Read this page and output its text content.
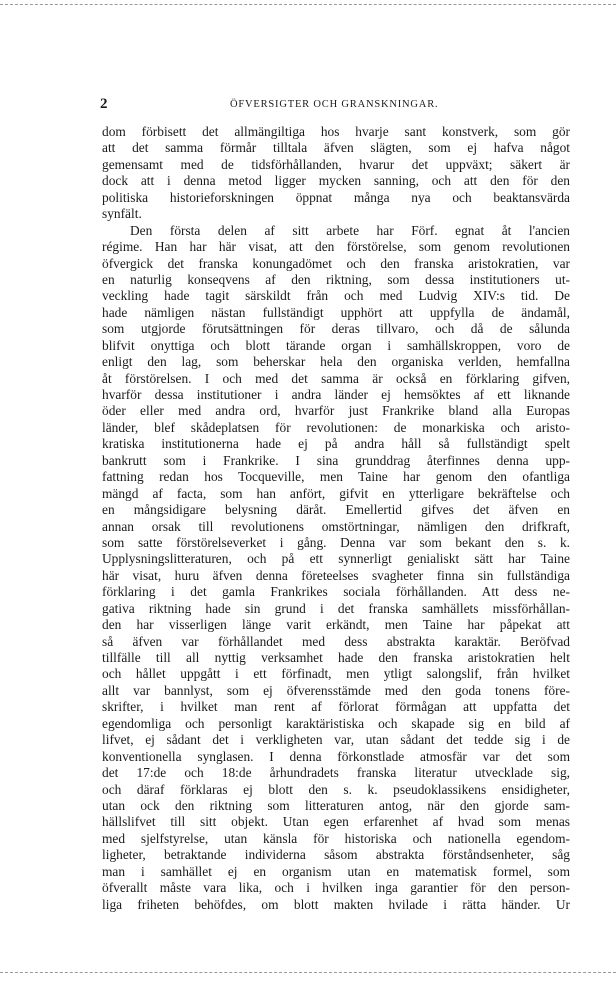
2	ÖFVERSIGTER OCH GRANSKNINGAR.
dom förbisett det allmängiltiga hos hvarje sant konstverk, som gör
att det samma förmår tilltala äfven slägten, som ej hafva något
gemensamt med de tidsförhållanden, hvarur det uppväxt; säkert är
dock att i denna metod ligger mycken sanning, och att den för den
politiska historieforskningen öppnat många nya och beaktansvärda
synfält.
Den första delen af sitt arbete har Förf. egnat åt l'ancien
régime. Han har här visat, att den förstörelse, som genom revolutionen
öfvergick det franska konungadömet och den franska aristokratien, var
en naturlig konseqvens af den riktning, som dessa institutioners ut-
veckling hade tagit särskildt från och med Ludvig XIV:s tid. De
hade nämligen nästan fullständigt upphört att uppfylla de ändamål,
som utgjorde förutsättningen för deras tillvaro, och då de sålunda
blifvit onyttiga och blott tärande organ i samhällskroppen, voro de
enligt den lag, som beherskar hela den organiska verlden, hemfallna
åt förstörelsen. I och med det samma är också en förklaring gifven,
hvarför dessa institutioner i andra länder ej hemsöktes af ett liknande
öder eller med andra ord, hvarför just Frankrike bland alla Europas
länder, blef skådeplatsen för revolutionen: de monarkiska och aristo-
kratiska institutionerna hade ej på andra håll så fullständigt spelt
bankrutt som i Frankrike. I sina grunddrag återfinnes denna upp-
fattning redan hos Tocqueville, men Taine har genom den ofantliga
mängd af facta, som han anfört, gifvit en ytterligare bekräftelse och
en mångsidigare belysning däråt. Emellertid gifves det äfven en
annan orsak till revolutionens omstörtningar, nämligen den drifkraft,
som satte förstörelseverket i gång. Denna var som bekant den s. k.
Upplysningslitteraturen, och på ett synnerligt genialiskt sätt har Taine
här visat, huru äfven denna företeelses svagheter finna sin fullständiga
förklaring i det gamla Frankrikes sociala förhållanden. Att dess ne-
gativa riktning hade sin grund i det franska samhällets missförhållan-
den har visserligen länge varit erkändt, men Taine har påpekat att
så äfven var förhållandet med dess abstrakta karaktär. Beröfvad
tillfälle till all nyttig verksamhet hade den franska aristokratien helt
och hållet uppgått i ett förfinadt, men ytligt salongslif, från hvilket
allt var bannlyst, som ej öfverensstämde med den goda tonens före-
skrifter, i hvilket man rent af förlorat förmågan att uppfatta det
egendomliga och personligt karaktäristiska och skapade sig en bild af
lifvet, ej sådant det i verkligheten var, utan sådant det tedde sig i de
konventionella synglasen. I denna förkonstlade atmosfär var det som
det 17:de och 18:de århundradets franska literatur utvecklade sig,
och däraf förklaras ej blott den s. k. pseudoklassikens ensidigheter,
utan ock den riktning som litteraturen antog, när den gjorde sam-
hällslifvet till sitt objekt. Utan egen erfarenhet af hvad som menas
med sjelfstyrelse, utan känsla för historiska och nationella egendom-
ligheter, betraktande individerna såsom abstrakta förståndsenheter, såg
man i samhället ej en organism utan en matematisk formel, som
öfverallt måste vara lika, och i hvilken inga garantier för den person-
liga friheten behöfdes, om blott makten hvilade i rätta händer. Ur
